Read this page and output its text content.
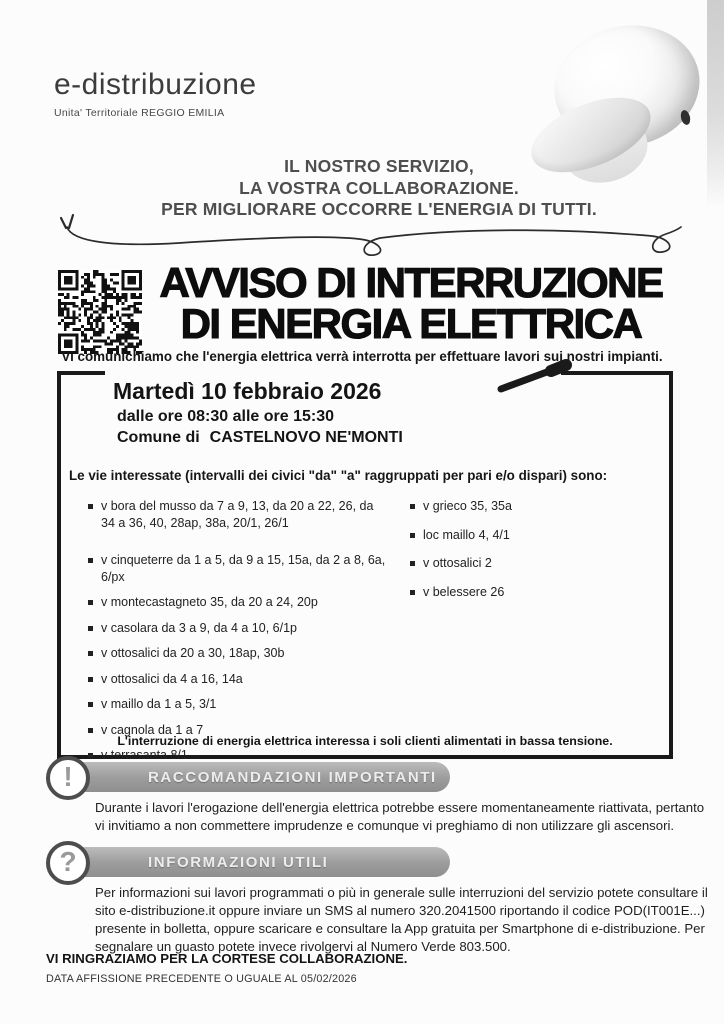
e-distribuzione
Unita' Territoriale REGGIO EMILIA
IL NOSTRO SERVIZIO,
LA VOSTRA COLLABORAZIONE.
PER MIGLIORARE OCCORRE L'ENERGIA DI TUTTI.
AVVISO DI INTERRUZIONE
DI ENERGIA ELETTRICA
Vi comunichiamo che l'energia elettrica verrà interrotta per effettuare lavori sui nostri impianti.
Martedì 10 febbraio 2026
dalle ore 08:30 alle ore 15:30
Comune di CASTELNOVO NE'MONTI
Le vie interessate (intervalli dei civici "da" "a" raggruppati per pari e/o dispari) sono:
v bora del musso da 7 a 9, 13, da 20 a 22, 26, da 34 a 36, 40, 28ap, 38a, 20/1, 26/1
v cinqueterre da 1 a 5, da 9 a 15, 15a, da 2 a 8, 6a, 6/px
v montecastagneto 35, da 20 a 24, 20p
v casolara da 3 a 9, da 4 a 10, 6/1p
v ottosalici da 20 a 30, 18ap, 30b
v ottosalici da 4 a 16, 14a
v maillo da 1 a 5, 3/1
v cagnola da 1 a 7
v terrasanta 8/1
v grieco 35, 35a
loc maillo 4, 4/1
v ottosalici 2
v belessere 26
L'interruzione di energia elettrica interessa i soli clienti alimentati in bassa tensione.
RACCOMANDAZIONI IMPORTANTI
!
Durante i lavori l'erogazione dell'energia elettrica potrebbe essere momentaneamente riattivata, pertanto vi invitiamo a non commettere imprudenze e comunque vi preghiamo di non utilizzare gli ascensori.
INFORMAZIONI UTILI
?
Per informazioni sui lavori programmati o più in generale sulle interruzioni del servizio potete consultare il sito e-distribuzione.it oppure inviare un SMS al numero 320.2041500 riportando il codice POD(IT001E...) presente in bolletta, oppure scaricare e consultare la App gratuita per Smartphone di e-distribuzione. Per segnalare un guasto potete invece rivolgervi al Numero Verde 803.500.
VI RINGRAZIAMO PER LA CORTESE COLLABORAZIONE.
DATA AFFISSIONE PRECEDENTE O UGUALE AL 05/02/2026
